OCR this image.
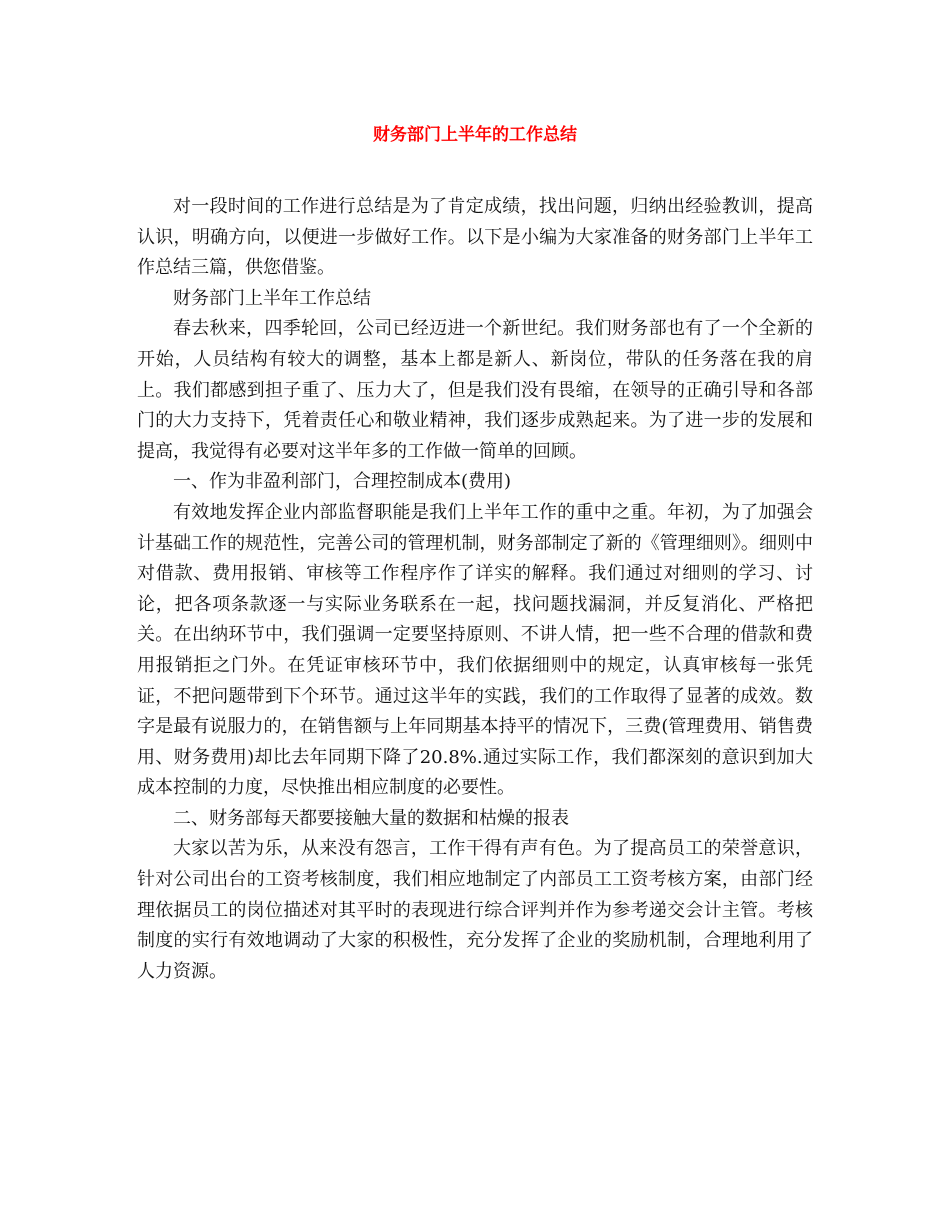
财务部门上半年的工作总结

对一段时间的工作进行总结是为了肯定成绩，找出问题，归纳出经验教训，提高认识，明确方向，以便进一步做好工作。以下是小编为大家准备的财务部门上半年工作总结三篇，供您借鉴。

财务部门上半年工作总结

春去秋来，四季轮回，公司已经迈进一个新世纪。我们财务部也有了一个全新的开始，人员结构有较大的调整，基本上都是新人、新岗位，带队的任务落在我的肩上。我们都感到担子重了、压力大了，但是我们没有畏缩，在领导的正确引导和各部门的大力支持下，凭着责任心和敬业精神，我们逐步成熟起来。为了进一步的发展和提高，我觉得有必要对这半年多的工作做一简单的回顾。

一、作为非盈利部门，合理控制成本(费用)

有效地发挥企业内部监督职能是我们上半年工作的重中之重。年初，为了加强会计基础工作的规范性，完善公司的管理机制，财务部制定了新的《管理细则》。细则中对借款、费用报销、审核等工作程序作了详实的解释。我们通过对细则的学习、讨论，把各项条款逐一与实际业务联系在一起，找问题找漏洞，并反复消化、严格把关。在出纳环节中，我们强调一定要坚持原则、不讲人情，把一些不合理的借款和费用报销拒之门外。在凭证审核环节中，我们依据细则中的规定，认真审核每一张凭证，不把问题带到下个环节。通过这半年的实践，我们的工作取得了显著的成效。数字是最有说服力的，在销售额与上年同期基本持平的情况下，三费(管理费用、销售费用、财务费用)却比去年同期下降了20.8%.通过实际工作，我们都深刻的意识到加大成本控制的力度，尽快推出相应制度的必要性。

二、财务部每天都要接触大量的数据和枯燥的报表

大家以苦为乐，从来没有怨言，工作干得有声有色。为了提高员工的荣誉意识，针对公司出台的工资考核制度，我们相应地制定了内部员工工资考核方案，由部门经理依据员工的岗位描述对其平时的表现进行综合评判并作为参考递交会计主管。考核制度的实行有效地调动了大家的积极性，充分发挥了企业的奖励机制，合理地利用了人力资源。
